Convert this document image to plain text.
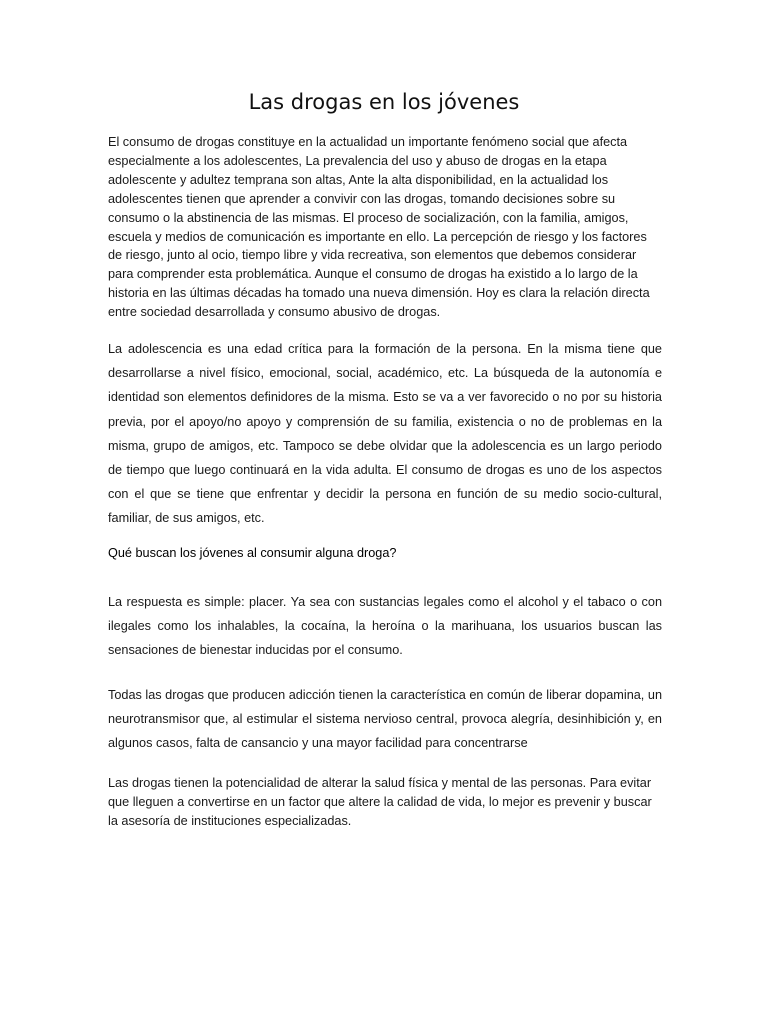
Las drogas en los jóvenes

El consumo de drogas constituye en la actualidad un importante fenómeno social que afecta especialmente a los adolescentes, La prevalencia del uso y abuso de drogas en la etapa adolescente y adultez temprana son altas, Ante la alta disponibilidad, en la actualidad los adolescentes tienen que aprender a convivir con las drogas, tomando decisiones sobre su consumo o la abstinencia de las mismas. El proceso de socialización, con la familia, amigos, escuela y medios de comunicación es importante en ello. La percepción de riesgo y los factores de riesgo, junto al ocio, tiempo libre y vida recreativa, son elementos que debemos considerar para comprender esta problemática. Aunque el consumo de drogas ha existido a lo largo de la historia en las últimas décadas ha tomado una nueva dimensión. Hoy es clara la relación directa entre sociedad desarrollada y consumo abusivo de drogas.

La adolescencia es una edad crítica para la formación de la persona. En la misma tiene que desarrollarse a nivel físico, emocional, social, académico, etc. La búsqueda de la autonomía e identidad son elementos definidores de la misma. Esto se va a ver favorecido o no por su historia previa, por el apoyo/no apoyo y comprensión de su familia, existencia o no de problemas en la misma, grupo de amigos, etc. Tampoco se debe olvidar que la adolescencia es un largo periodo de tiempo que luego continuará en la vida adulta. El consumo de drogas es uno de los aspectos con el que se tiene que enfrentar y decidir la persona en función de su medio socio-cultural, familiar, de sus amigos, etc.

Qué buscan los jóvenes al consumir alguna droga?

La respuesta es simple: placer. Ya sea con sustancias legales como el alcohol y el tabaco o con ilegales como los inhalables, la cocaína, la heroína o la marihuana, los usuarios buscan las sensaciones de bienestar inducidas por el consumo.

Todas las drogas que producen adicción tienen la característica en común de liberar dopamina, un neurotransmisor que, al estimular el sistema nervioso central, provoca alegría, desinhibición y, en algunos casos, falta de cansancio y una mayor facilidad para concentrarse

Las drogas tienen la potencialidad de alterar la salud física y mental de las personas. Para evitar que lleguen a convertirse en un factor que altere la calidad de vida, lo mejor es prevenir y buscar la asesoría de instituciones especializadas.
